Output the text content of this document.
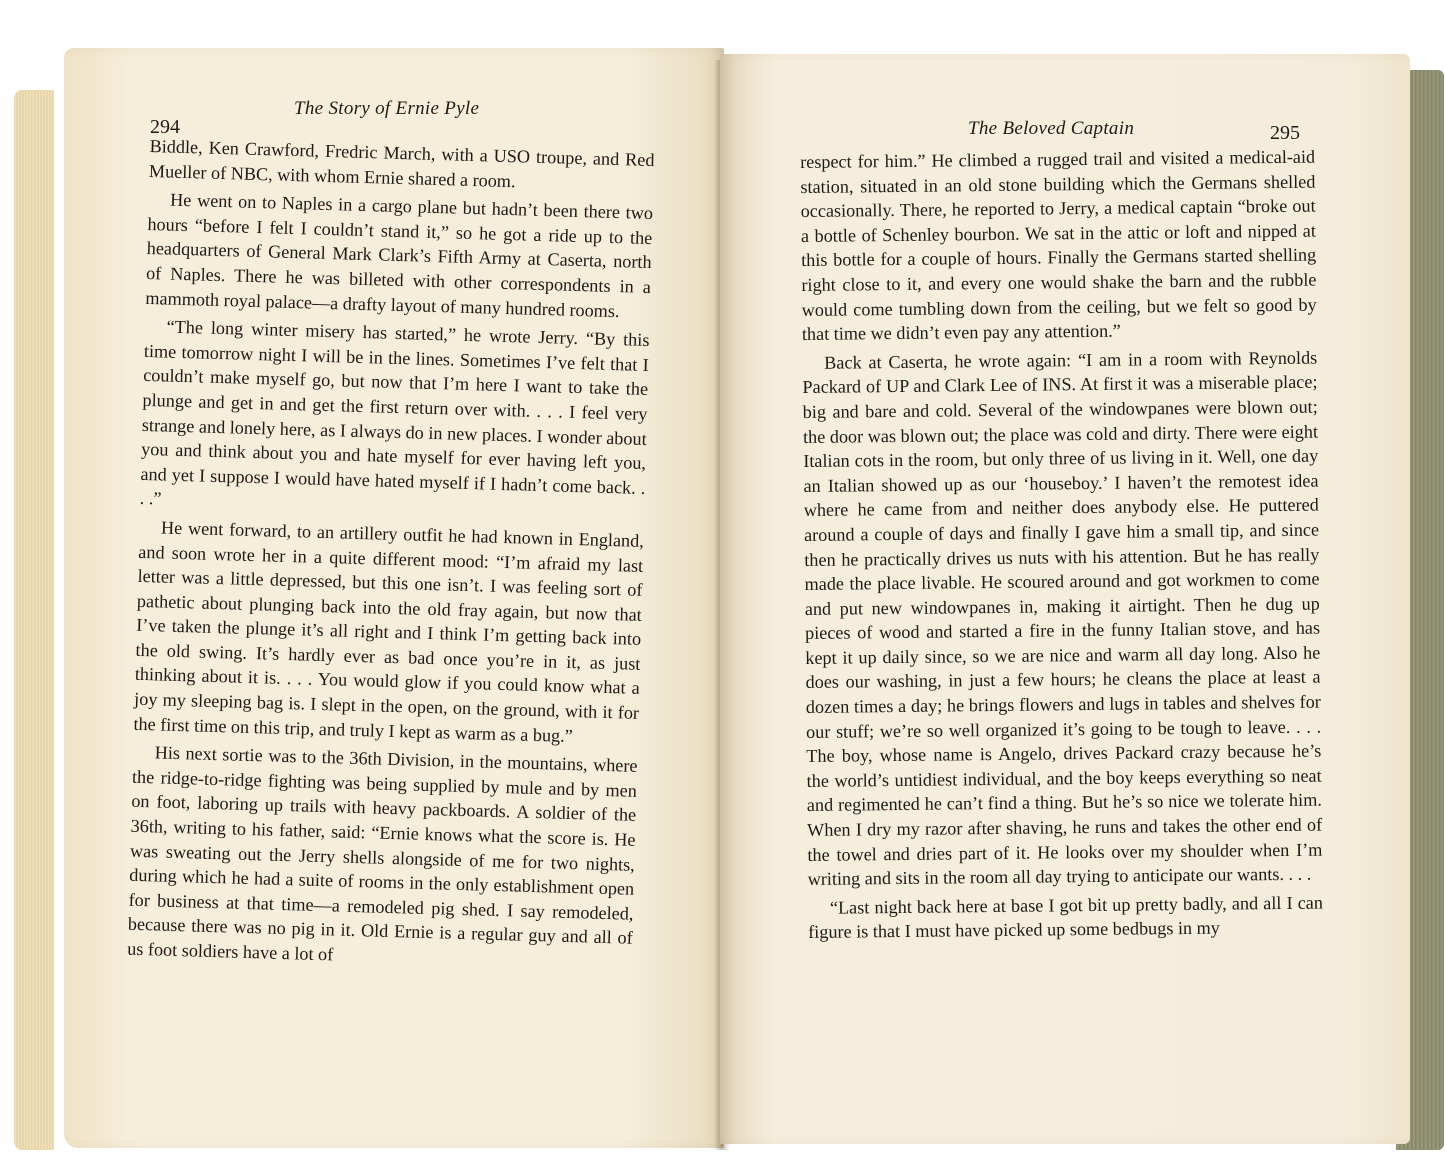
294
The Story of Ernie Pyle

Biddle, Ken Crawford, Fredric March, with a USO troupe, and Red Mueller of NBC, with whom Ernie shared a room.

He went on to Naples in a cargo plane but hadn’t been there two hours “before I felt I couldn’t stand it,” so he got a ride up to the headquarters of General Mark Clark’s Fifth Army at Caserta, north of Naples. There he was billeted with other correspondents in a mammoth royal palace—a drafty layout of many hundred rooms.

“The long winter misery has started,” he wrote Jerry. “By this time tomorrow night I will be in the lines. Sometimes I’ve felt that I couldn’t make myself go, but now that I’m here I want to take the plunge and get in and get the first return over with. . . . I feel very strange and lonely here, as I always do in new places. I wonder about you and think about you and hate myself for ever having left you, and yet I suppose I would have hated myself if I hadn’t come back. . . .”

He went forward, to an artillery outfit he had known in England, and soon wrote her in a quite different mood: “I’m afraid my last letter was a little depressed, but this one isn’t. I was feeling sort of pathetic about plunging back into the old fray again, but now that I’ve taken the plunge it’s all right and I think I’m getting back into the old swing. It’s hardly ever as bad once you’re in it, as just thinking about it is. . . . You would glow if you could know what a joy my sleeping bag is. I slept in the open, on the ground, with it for the first time on this trip, and truly I kept as warm as a bug.”

His next sortie was to the 36th Division, in the mountains, where the ridge-to-ridge fighting was being supplied by mule and by men on foot, laboring up trails with heavy packboards. A soldier of the 36th, writing to his father, said: “Ernie knows what the score is. He was sweating out the Jerry shells alongside of me for two nights, during which he had a suite of rooms in the only establishment open for business at that time—a remodeled pig shed. I say remodeled, because there was no pig in it. Old Ernie is a regular guy and all of us foot soldiers have a lot of

The Beloved Captain	295

respect for him.” He climbed a rugged trail and visited a medical-aid station, situated in an old stone building which the Germans shelled occasionally. There, he reported to Jerry, a medical captain “broke out a bottle of Schenley bourbon. We sat in the attic or loft and nipped at this bottle for a couple of hours. Finally the Germans started shelling right close to it, and every one would shake the barn and the rubble would come tumbling down from the ceiling, but we felt so good by that time we didn’t even pay any attention.”

Back at Caserta, he wrote again: “I am in a room with Reynolds Packard of UP and Clark Lee of INS. At first it was a miserable place; big and bare and cold. Several of the windowpanes were blown out; the door was blown out; the place was cold and dirty. There were eight Italian cots in the room, but only three of us living in it. Well, one day an Italian showed up as our ‘houseboy.’ I haven’t the remotest idea where he came from and neither does anybody else. He puttered around a couple of days and finally I gave him a small tip, and since then he practically drives us nuts with his attention. But he has really made the place livable. He scoured around and got workmen to come and put new windowpanes in, making it airtight. Then he dug up pieces of wood and started a fire in the funny Italian stove, and has kept it up daily since, so we are nice and warm all day long. Also he does our washing, in just a few hours; he cleans the place at least a dozen times a day; he brings flowers and lugs in tables and shelves for our stuff; we’re so well organized it’s going to be tough to leave. . . . The boy, whose name is Angelo, drives Packard crazy because he’s the world’s untidiest individual, and the boy keeps everything so neat and regimented he can’t find a thing. But he’s so nice we tolerate him. When I dry my razor after shaving, he runs and takes the other end of the towel and dries part of it. He looks over my shoulder when I’m writing and sits in the room all day trying to anticipate our wants. . . .

“Last night back here at base I got bit up pretty badly, and all I can figure is that I must have picked up some bedbugs in my
